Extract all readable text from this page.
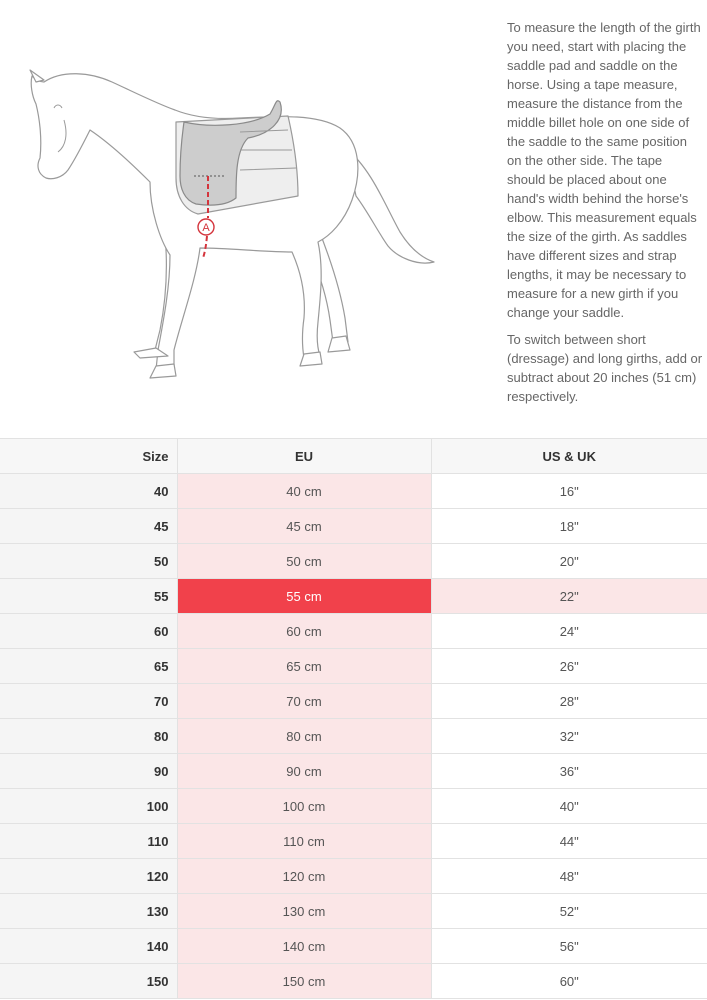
A

To measure the length of the girth you need, start with placing the saddle pad and saddle on the horse. Using a tape measure, measure the distance from the middle billet hole on one side of the saddle to the same position on the other side. The tape should be placed about one hand's width behind the horse's elbow. This measurement equals the size of the girth. As saddles have different sizes and strap lengths, it may be necessary to measure for a new girth if you change your saddle.

To switch between short (dressage) and long girths, add or subtract about 20 inches (51 cm) respectively.

Size	EU	US & UK
40	40 cm	16"
45	45 cm	18"
50	50 cm	20"
55	55 cm	22"
60	60 cm	24"
65	65 cm	26"
70	70 cm	28"
80	80 cm	32"
90	90 cm	36"
100	100 cm	40"
110	110 cm	44"
120	120 cm	48"
130	130 cm	52"
140	140 cm	56"
150	150 cm	60"
